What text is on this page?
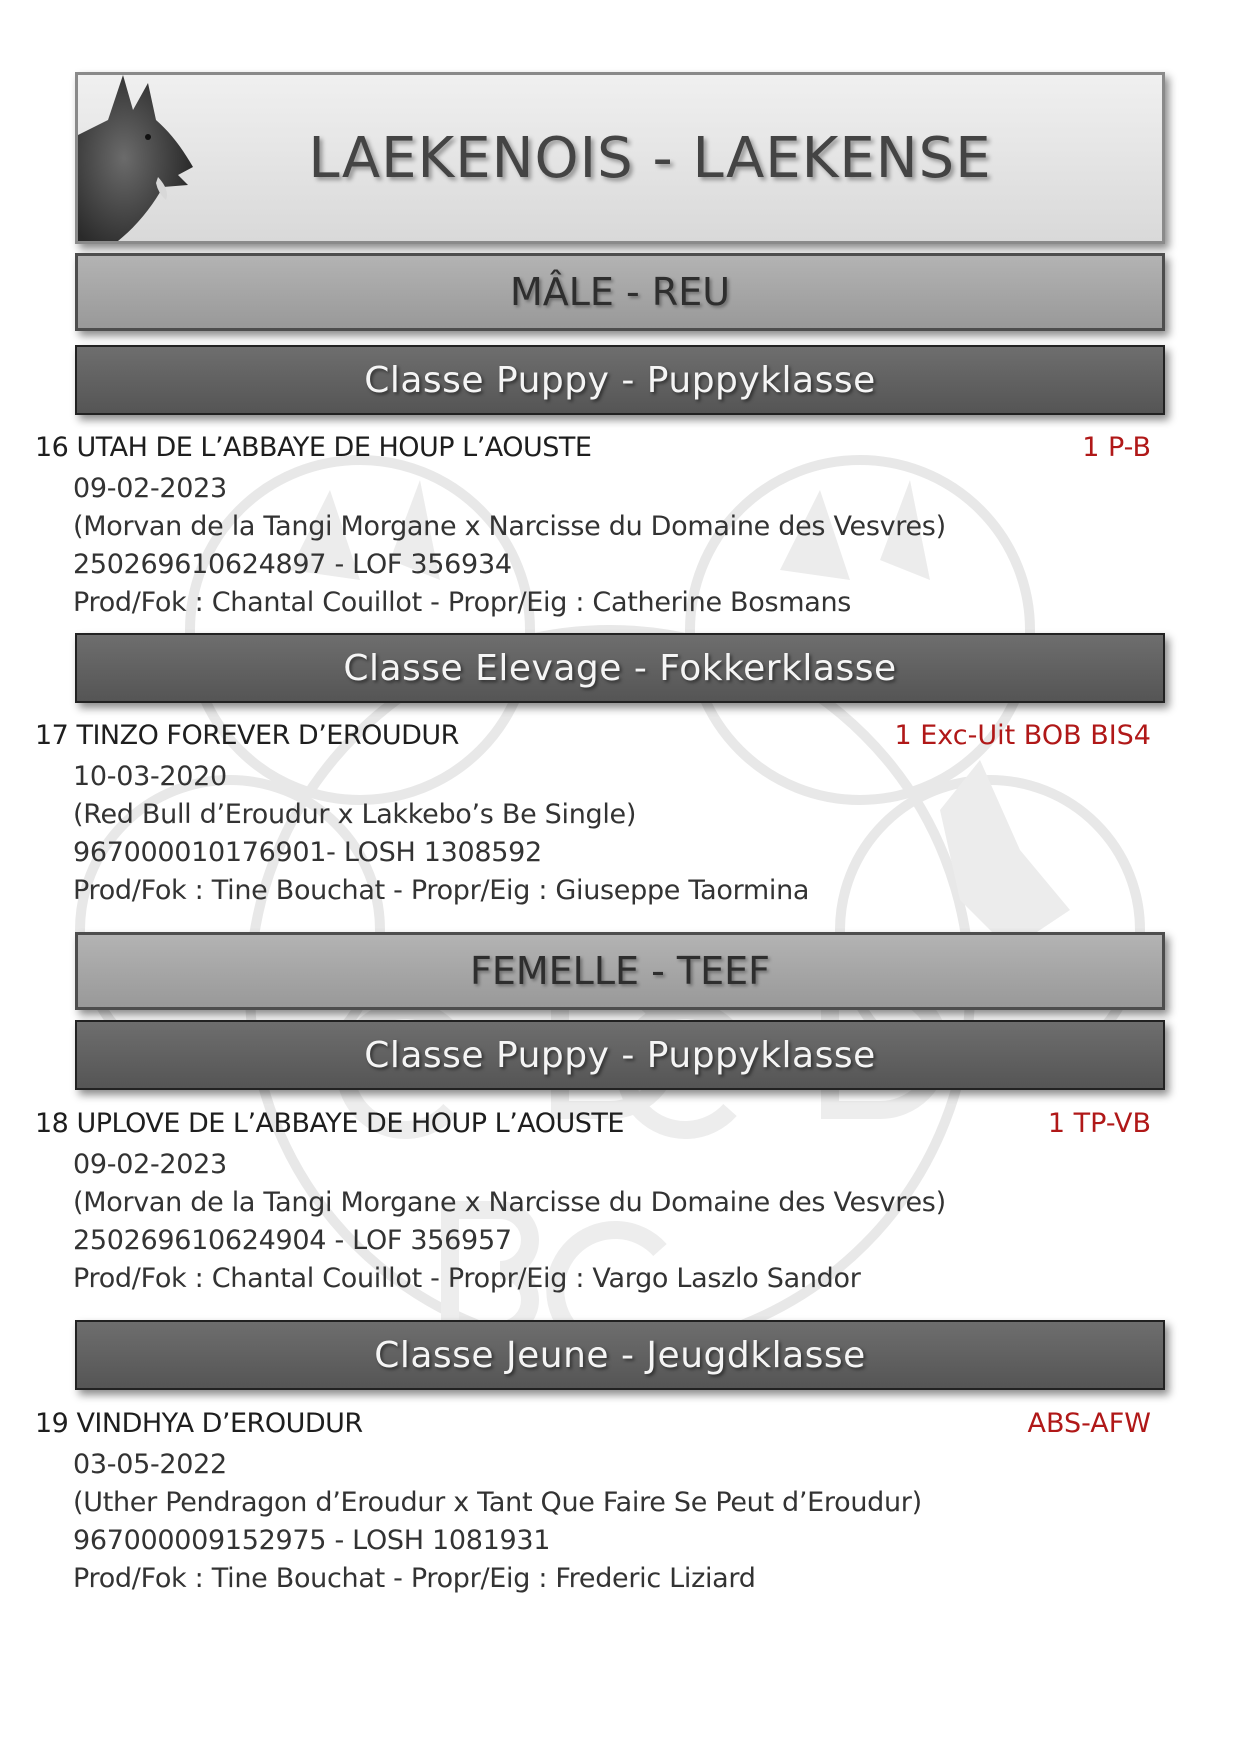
LAEKENOIS - LAEKENSE
MÂLE - REU
Classe Puppy - Puppyklasse
16 UTAH DE L’ABBAYE DE HOUP L’AOUSTE	1 P-B
09-02-2023
(Morvan de la Tangi Morgane x Narcisse du Domaine des Vesvres)
250269610624897 - LOF 356934
Prod/Fok : Chantal Couillot - Propr/Eig : Catherine Bosmans
Classe Elevage - Fokkerklasse
17 TINZO FOREVER D’EROUDUR	1 Exc-Uit BOB BIS4
10-03-2020
(Red Bull d’Eroudur x Lakkebo’s Be Single)
967000010176901- LOSH 1308592
Prod/Fok : Tine Bouchat - Propr/Eig : Giuseppe Taormina
FEMELLE - TEEF
Classe Puppy - Puppyklasse
18 UPLOVE DE L’ABBAYE DE HOUP L’AOUSTE	1 TP-VB
09-02-2023
(Morvan de la Tangi Morgane x Narcisse du Domaine des Vesvres)
250269610624904 - LOF 356957
Prod/Fok : Chantal Couillot - Propr/Eig : Vargo Laszlo Sandor
Classe Jeune - Jeugdklasse
19 VINDHYA D’EROUDUR	ABS-AFW
03-05-2022
(Uther Pendragon d’Eroudur x Tant Que Faire Se Peut d’Eroudur)
967000009152975 - LOSH 1081931
Prod/Fok : Tine Bouchat - Propr/Eig : Frederic Liziard
